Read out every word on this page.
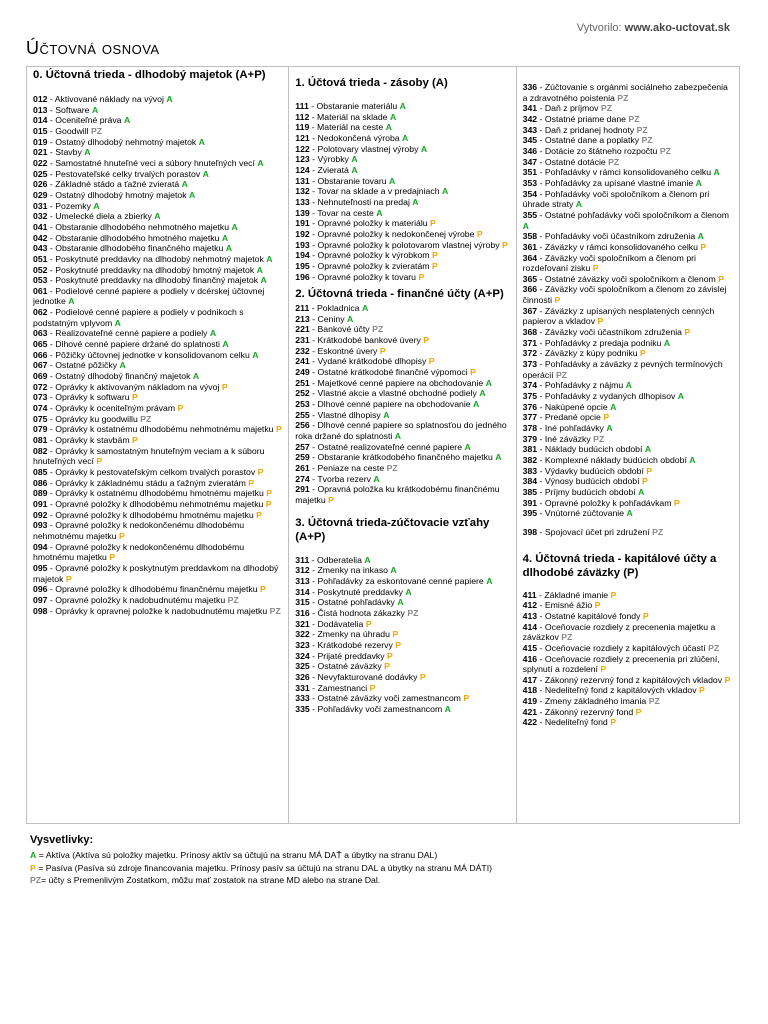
Vytvorilo: www.ako-uctovat.sk
Účtovná osnova
0. Účtovná trieda - dlhodobý majetok (A+P)
012 - Aktivované náklady na vývoj A
013 - Software A
014 - Oceniteľné práva A
015 - Goodwill PZ
019 - Ostatný dlhodobý nehmotný majetok A
021 - Stavby A
022 - Samostatné hnuteľné veci a súbory hnuteľných vecí A
025 - Pestovateľské celky trvalých porastov A
026 - Základné stádo a ťažné zvieratá A
029 - Ostatný dlhodobý hmotný majetok A
031 - Pozemky A
032 - Umelecké diela a zbierky A
041 - Obstaranie dlhodobého nehmotného majetku A
042 - Obstaranie dlhodobého hmotného majetku A
043 - Obstaranie dlhodobého finančného majetku A
051 - Poskytnuté preddavky na dlhodobý nehmotný majetok A
052 - Poskytnuté preddavky na dlhodobý hmotný majetok A
053 - Poskytnuté preddavky na dlhodobý finančný majetok A
061 - Podielové cenné papiere a podiely v dcérskej účtovnej jednotke A
062 - Podielové cenné papiere a podiely v podnikoch s podstatným vplyvom A
063 - Realizovateľné cenné papiere a podiely A
065 - Dlhové cenné papiere držané do splatnosti A
066 - Pôžičky účtovnej jednotke v konsolidovanom celku A
067 - Ostatné pôžičky A
069 - Ostatný dlhodobý finančný majetok A
072 - Oprávky k aktivovaným nákladom na vývoj P
073 - Oprávky k softwaru P
074 - Oprávky k oceniteľným právam P
075 - Oprávky ku goodwillu PZ
079 - Oprávky k ostatnému dlhodobému nehmotnému majetku P
081 - Oprávky k stavbám P
082 - Oprávky k samostatným hnuteľným veciam a k súboru hnuteľných vecí P
085 - Oprávky k pestovateľským celkom trvalých porastov P
086 - Oprávky k základnému stádu a ťažným zvieratám P
089 - Oprávky k ostatnému dlhodobému hmotnému majetku P
091 - Opravné položky k dlhodobému nehmotnému majetku P
092 - Opravné položky k dlhodobému hmotnému majetku P
093 - Opravné položky k nedokončenému dlhodobému nehmotnému majetku P
094 - Opravné položky k nedokončenému dlhodobému hmotnému majetku P
095 - Opravné položky k poskytnutým preddavkom na dlhodobý majetok P
096 - Opravné položky k dlhodobému finančnému majetku P
097 - Opravné položky k nadobudnutému majetku PZ
098 - Oprávky k opravnej položke k nadobudnutému majetku PZ
1. Účtová trieda - zásoby (A)
111 - Obstaranie materiálu A
112 - Materiál na sklade A
119 - Materiál na ceste A
121 - Nedokončená výroba A
122 - Polotovary vlastnej výroby A
123 - Výrobky A
124 - Zvieratá A
131 - Obstaranie tovaru A
132 - Tovar na sklade a v predajniach A
133 - Nehnuteľnosti na predaj A
139 - Tovar na ceste A
191 - Opravné položky k materiálu P
192 - Opravné položky k nedokončenej výrobe P
193 - Opravné položky k polotovarom vlastnej výroby P
194 - Opravné položky k výrobkom P
195 - Opravné položky k zvieratám P
196 - Opravné položky k tovaru P
2. Účtovná trieda - finančné účty (A+P)
211 - Pokladnica A
213 - Ceniny A
221 - Bankové účty PZ
231 - Krátkodobé bankové úvery P
232 - Eskontné úvery P
241 - Vydané krátkodobé dlhopisy P
249 - Ostatné krátkodobé finančné výpomoci P
251 - Majetkové cenné papiere na obchodovanie A
252 - Vlastné akcie a vlastné obchodné podiely A
253 - Dlhové cenné papiere na obchodovanie A
255 - Vlastné dlhopisy A
256 - Dlhové cenné papiere so splatnosťou do jedného roka držané do splatnosti A
257 - Ostatné realizovateľné cenné papiere A
259 - Obstaranie krátkodobého finančného majetku A
261 - Peniaze na ceste PZ
274 - Tvorba rezerv A
291 - Opravná položka ku krátkodobému finančnému majetku P
3. Účtovná trieda-zúčtovacie vzťahy (A+P)
311 - Odberatelia A
312 - Zmenky na inkaso A
313 - Pohľadávky za eskontované cenné papiere A
314 - Poskytnuté preddavky A
315 - Ostatné pohľadávky A
316 - Čistá hodnota zákazky PZ
321 - Dodávatelia P
322 - Zmenky na úhradu P
323 - Krátkodobé rezervy P
324 - Prijaté preddavky P
325 - Ostatné záväzky P
326 - Nevyfakturované dodávky P
331 - Zamestnanci P
333 - Ostatné záväzky voči zamestnancom P
335 - Pohľadávky voči zamestnancom A
336 - Zúčtovanie s orgánmi sociálneho zabezpečenia a zdravotného poistenia PZ
341 - Daň z príjmov PZ
342 - Ostatné priame dane PZ
343 - Daň z pridanej hodnoty PZ
345 - Ostatné dane a poplatky PZ
346 - Dotácie zo štátneho rozpočtu PZ
347 - Ostatné dotácie PZ
351 - Pohľadávky v rámci konsolidovaného celku A
353 - Pohľadávky za upísané vlastné imanie A
354 - Pohľadávky voči spoločníkom a členom pri úhrade straty A
355 - Ostatné pohľadávky voči spoločníkom a členom A
358 - Pohľadávky voči účastníkom združenia A
361 - Záväzky v rámci konsolidovaného celku P
364 - Záväzky voči spoločníkom a členom pri rozdeľovaní zisku P
365 - Ostatné záväzky voči spoločníkom a členom P
366 - Záväzky voči spoločníkom a členom zo závislej činnosti P
367 - Záväzky z upísaných nesplatených cenných papierov a vkladov P
368 - Záväzky voči účastníkom združenia P
371 - Pohľadávky z predaja podniku A
372 - Záväzky z kúpy podniku P
373 - Pohľadávky a záväzky z pevných termínových operácií PZ
374 - Pohľadávky z nájmu A
375 - Pohľadávky z vydaných dlhopisov A
376 - Nakúpené opcie A
377 - Predané opcie P
378 - Iné pohľadávky A
379 - Iné záväzky PZ
381 - Náklady budúcich období A
382 - Komplexné náklady budúcich období A
383 - Výdavky budúcich období P
384 - Výnosy budúcich období P
385 - Príjmy budúcich období A
391 - Opravné položky k pohľadávkam P
395 - Vnútorné zúčtovanie A
398 - Spojovací účet pri združení PZ
4. Účtovná trieda - kapitálové účty a dlhodobé záväzky (P)
411 - Základné imanie P
412 - Emisné ážio P
413 - Ostatné kapitálové fondy P
414 - Oceňovacie rozdiely z precenenia majetku a záväzkov PZ
415 - Oceňovacie rozdiely z kapitálových účastí PZ
416 - Oceňovacie rozdiely z precenenia pri zlúčení, splynutí a rozdelení P
417 - Zákonný rezervný fond z kapitálových vkladov P
418 - Nedeliteľný fond z kapitálových vkladov P
419 - Zmeny základného imania PZ
421 - Zákonný rezervný fond P
422 - Nedeliteľný fond P
Vysvetlivky:
A = Aktíva (Aktíva sú položky majetku. Prínosy aktív sa účtujú na stranu MÁ DAŤ a úbytky na stranu DAL)
P = Pasíva (Pasíva sú zdroje financovania majetku. Prínosy pasív sa účtujú na stranu DAL a úbytky na stranu MÁ DÁTI)
PZ= účty s Premenlivým Zostatkom, môžu mať zostatok na strane MD alebo na strane Dal.
